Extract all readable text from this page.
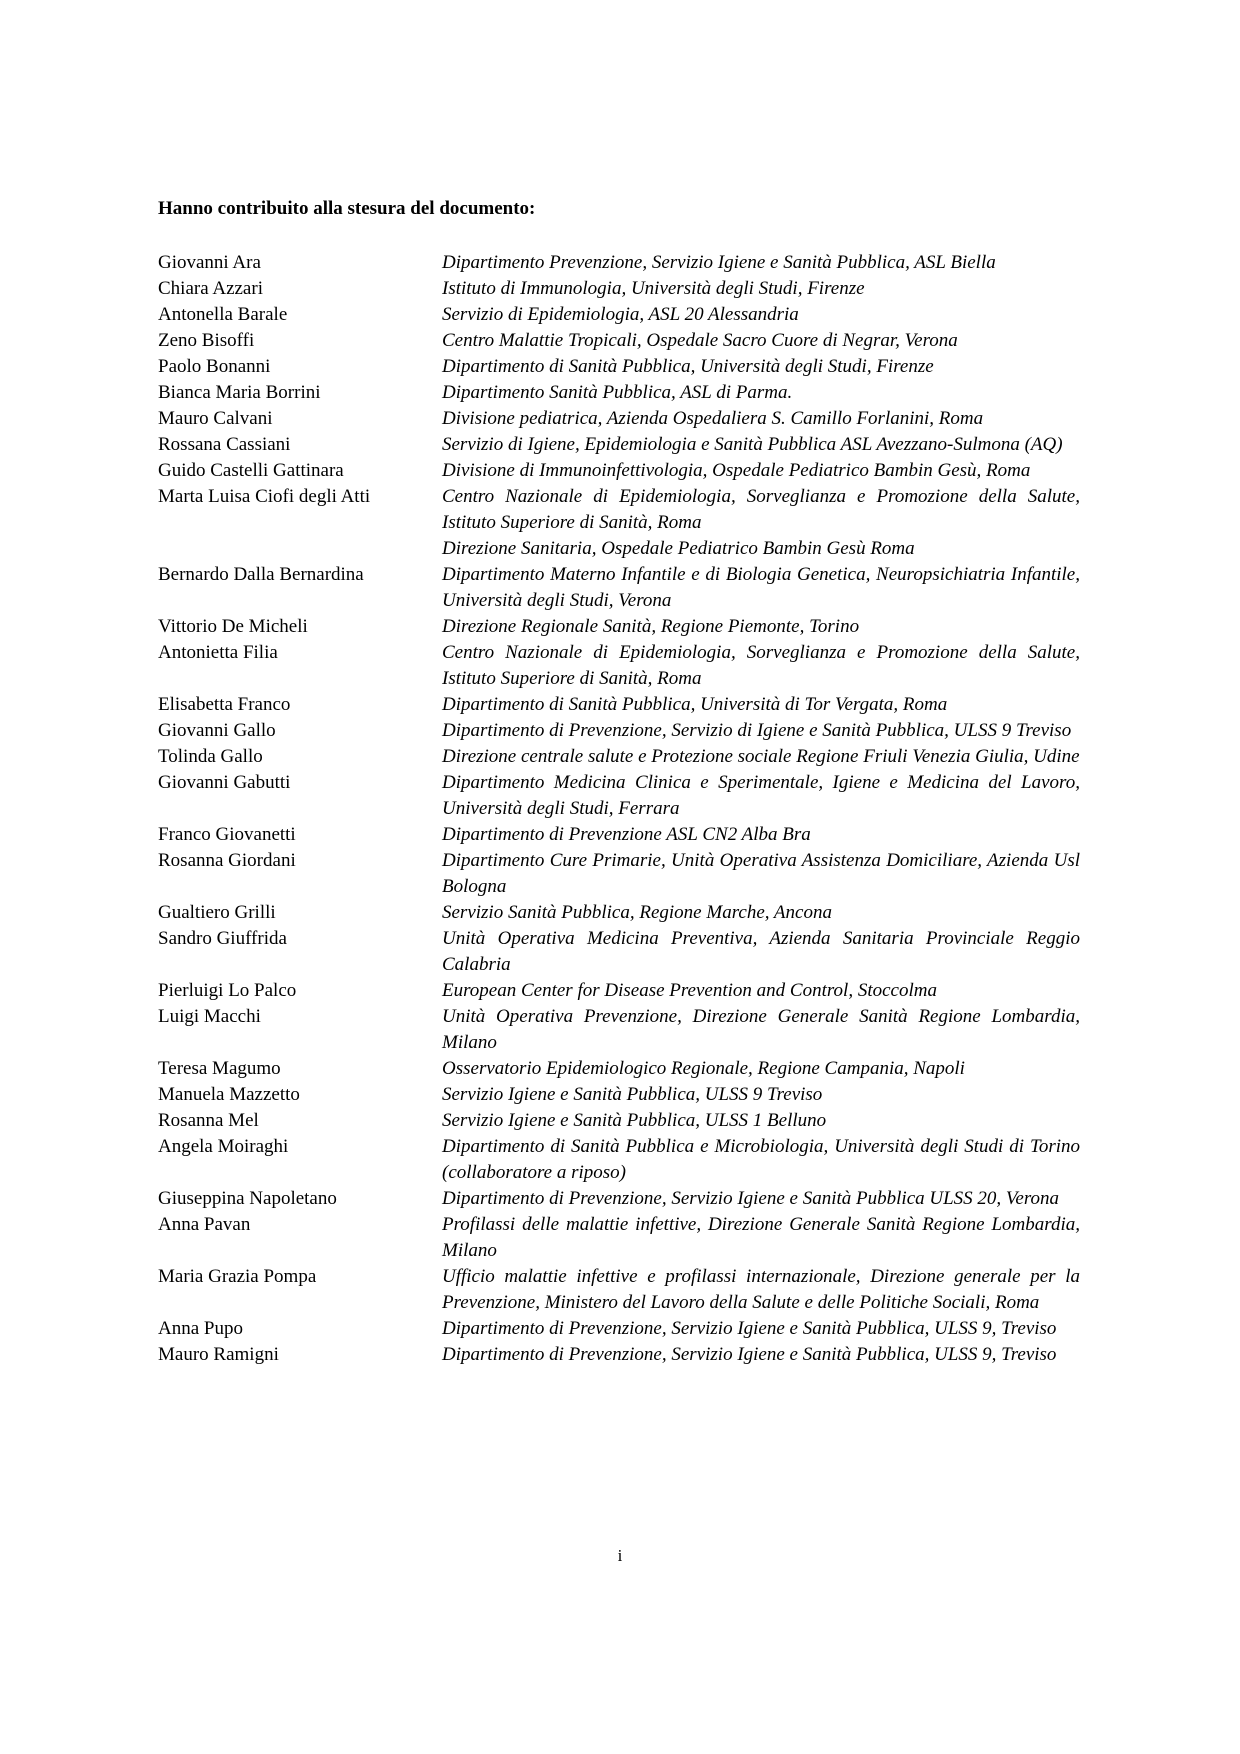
Hanno contribuito alla stesura del documento:
Giovanni Ara	Dipartimento Prevenzione, Servizio Igiene e Sanità Pubblica, ASL Biella
Chiara Azzari	Istituto di Immunologia, Università degli Studi, Firenze
Antonella Barale	Servizio di Epidemiologia, ASL 20 Alessandria
Zeno Bisoffi	Centro Malattie Tropicali, Ospedale Sacro Cuore di Negrar, Verona
Paolo Bonanni	Dipartimento di Sanità Pubblica, Università degli Studi, Firenze
Bianca Maria Borrini	Dipartimento Sanità Pubblica, ASL di Parma.
Mauro Calvani	Divisione pediatrica, Azienda Ospedaliera S. Camillo Forlanini, Roma
Rossana Cassiani	Servizio di Igiene, Epidemiologia e Sanità Pubblica ASL Avezzano-Sulmona (AQ)
Guido Castelli Gattinara	Divisione di Immunoinfettivologia, Ospedale Pediatrico Bambin Gesù, Roma
Marta Luisa Ciofi degli Atti	Centro Nazionale di Epidemiologia, Sorveglianza e Promozione della Salute, Istituto Superiore di Sanità, Roma
Direzione Sanitaria, Ospedale Pediatrico Bambin Gesù Roma
Bernardo Dalla Bernardina	Dipartimento Materno Infantile e di Biologia Genetica, Neuropsichiatria Infantile, Università degli Studi, Verona
Vittorio De Micheli	Direzione Regionale Sanità, Regione Piemonte, Torino
Antonietta Filia	Centro Nazionale di Epidemiologia, Sorveglianza e Promozione della Salute, Istituto Superiore di Sanità, Roma
Elisabetta Franco	Dipartimento di Sanità Pubblica, Università di Tor Vergata, Roma
Giovanni Gallo	Dipartimento di Prevenzione, Servizio di Igiene e Sanità Pubblica, ULSS 9 Treviso
Tolinda Gallo	Direzione centrale salute e Protezione sociale Regione Friuli Venezia Giulia, Udine
Giovanni Gabutti	Dipartimento Medicina Clinica e Sperimentale, Igiene e Medicina del Lavoro, Università degli Studi, Ferrara
Franco Giovanetti	Dipartimento di Prevenzione ASL CN2 Alba Bra
Rosanna Giordani	Dipartimento Cure Primarie, Unità Operativa Assistenza Domiciliare, Azienda Usl Bologna
Gualtiero Grilli	Servizio Sanità Pubblica, Regione Marche, Ancona
Sandro Giuffrida	Unità Operativa Medicina Preventiva, Azienda Sanitaria Provinciale Reggio Calabria
Pierluigi Lo Palco	European Center for Disease Prevention and Control, Stoccolma
Luigi Macchi	Unità Operativa Prevenzione, Direzione Generale Sanità Regione Lombardia, Milano
Teresa Magumo	Osservatorio Epidemiologico Regionale, Regione Campania, Napoli
Manuela Mazzetto	Servizio Igiene e Sanità Pubblica, ULSS 9 Treviso
Rosanna Mel	Servizio Igiene e Sanità Pubblica, ULSS 1 Belluno
Angela Moiraghi	Dipartimento di Sanità Pubblica e Microbiologia, Università degli Studi di Torino (collaboratore a riposo)
Giuseppina Napoletano	Dipartimento di Prevenzione, Servizio Igiene e Sanità Pubblica ULSS 20, Verona
Anna Pavan	Profilassi delle malattie infettive, Direzione Generale Sanità Regione Lombardia, Milano
Maria Grazia Pompa	Ufficio malattie infettive e profilassi internazionale, Direzione generale per la Prevenzione, Ministero del Lavoro della Salute e delle Politiche Sociali, Roma
Anna Pupo	Dipartimento di Prevenzione, Servizio Igiene e Sanità Pubblica, ULSS 9, Treviso
Mauro Ramigni	Dipartimento di Prevenzione, Servizio Igiene e Sanità Pubblica, ULSS 9, Treviso
i
